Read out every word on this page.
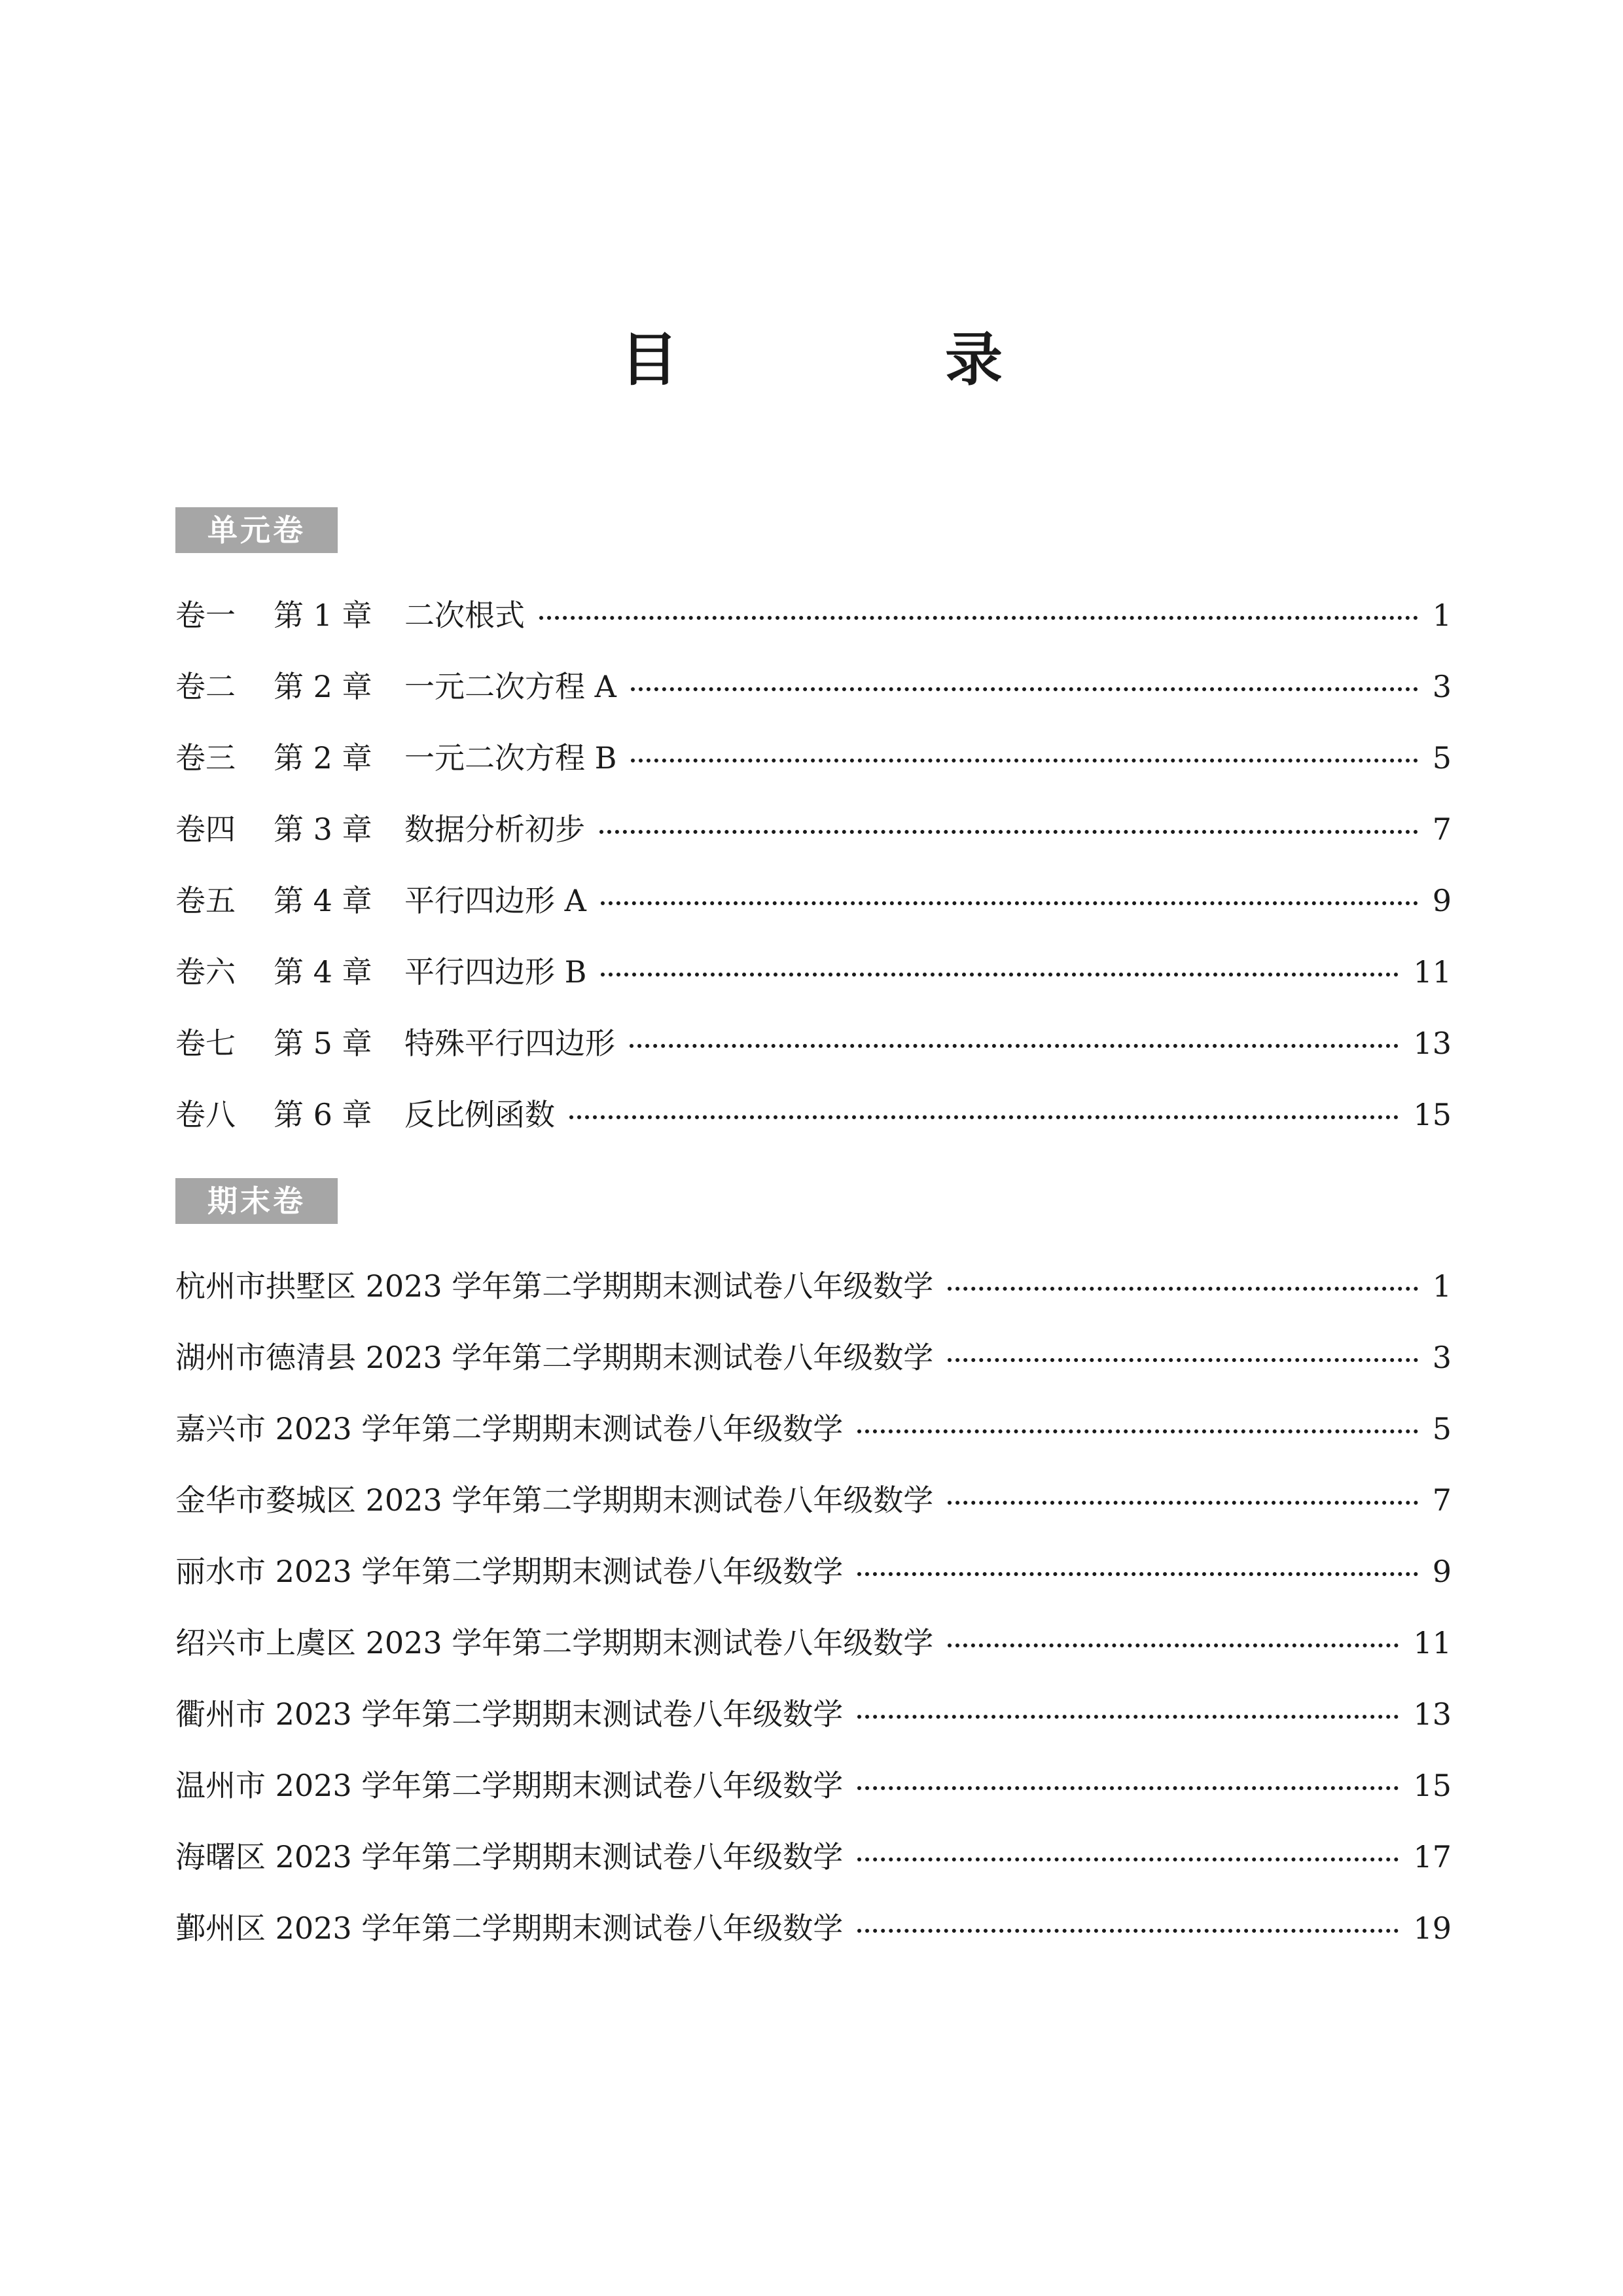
目　录
单元卷
卷一	第 1 章	二次根式	1
卷二	第 2 章	一元二次方程 A	3
卷三	第 2 章	一元二次方程 B	5
卷四	第 3 章	数据分析初步	7
卷五	第 4 章	平行四边形 A	9
卷六	第 4 章	平行四边形 B	11
卷七	第 5 章	特殊平行四边形	13
卷八	第 6 章	反比例函数	15
期末卷
杭州市拱墅区 2023 学年第二学期期末测试卷八年级数学	1
湖州市德清县 2023 学年第二学期期末测试卷八年级数学	3
嘉兴市 2023 学年第二学期期末测试卷八年级数学	5
金华市婺城区 2023 学年第二学期期末测试卷八年级数学	7
丽水市 2023 学年第二学期期末测试卷八年级数学	9
绍兴市上虞区 2023 学年第二学期期末测试卷八年级数学	11
衢州市 2023 学年第二学期期末测试卷八年级数学	13
温州市 2023 学年第二学期期末测试卷八年级数学	15
海曙区 2023 学年第二学期期末测试卷八年级数学	17
鄞州区 2023 学年第二学期期末测试卷八年级数学	19
